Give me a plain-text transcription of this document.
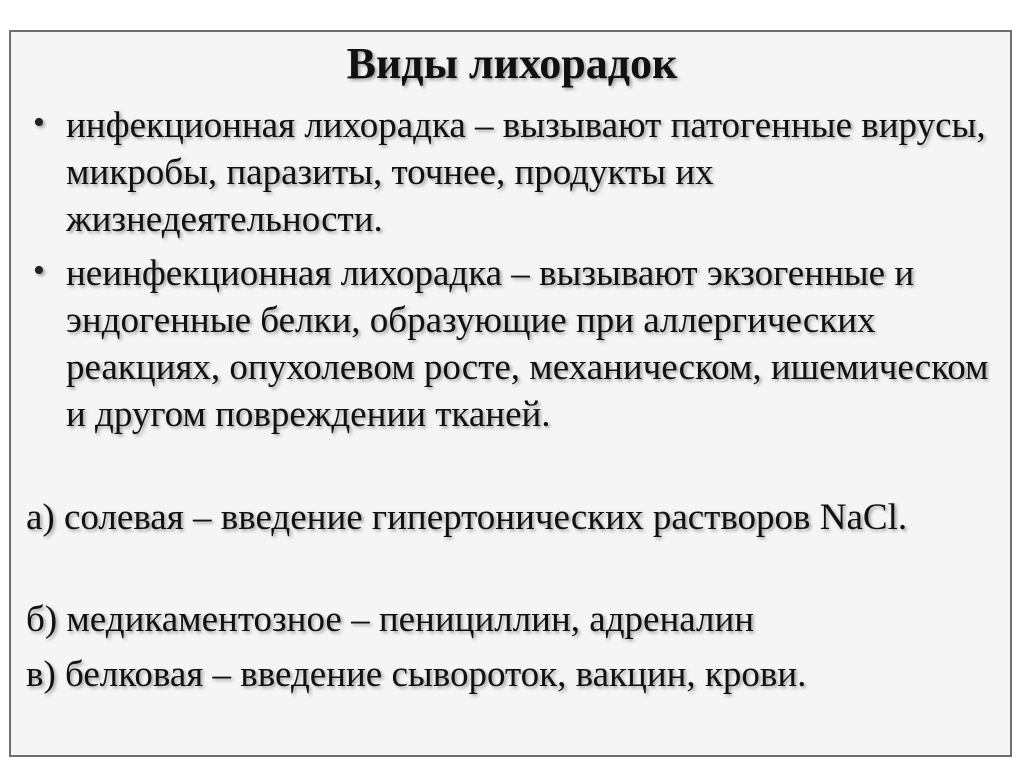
Виды лихорадок
• инфекционная лихорадка – вызывают патогенные вирусы, микробы, паразиты, точнее, продукты их жизнедеятельности.

• неинфекционная лихорадка – вызывают экзогенные и эндогенные белки, образующие при аллергических реакциях, опухолевом росте, механическом, ишемическом и другом повреждении тканей.

а) солевая – введение гипертонических растворов NaCl.

б) медикаментозное – пенициллин, адреналин

в) белковая – введение сывороток, вакцин, крови.
